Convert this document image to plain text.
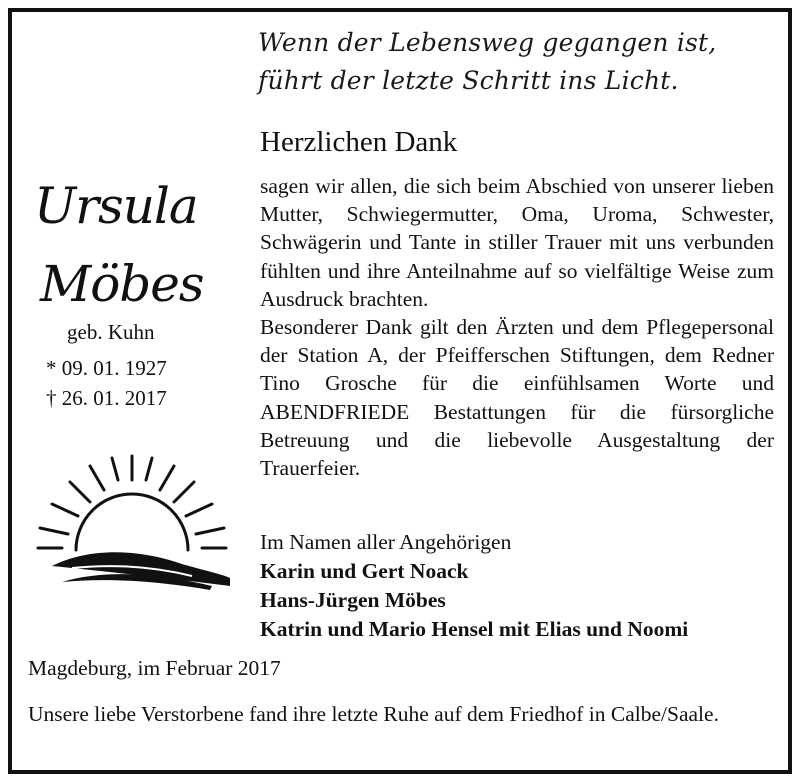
Wenn der Lebensweg gegangen ist,
führt der letzte Schritt ins Licht.
Herzlichen Dank
Ursula
Möbes
geb. Kuhn
* 09. 01. 1927
† 26. 01. 2017

sagen wir allen, die sich beim Abschied von unserer lieben Mutter, Schwiegermutter, Oma, Uroma, Schwester, Schwägerin und Tante in stiller Trauer mit uns verbunden fühlten und ihre Anteilnahme auf so vielfältige Weise zum Ausdruck brachten.

Besonderer Dank gilt den Ärzten und dem Pflegepersonal der Station A, der Pfeifferschen Stiftungen, dem Redner Tino Grosche für die einfühlsamen Worte und ABENDFRIEDE Bestattungen für die fürsorgliche Betreuung und die liebevolle Ausgestaltung der Trauerfeier.

Im Namen aller Angehörigen
Karin und Gert Noack
Hans-Jürgen Möbes
Katrin und Mario Hensel mit Elias und Noomi
Magdeburg, im Februar 2017
Unsere liebe Verstorbene fand ihre letzte Ruhe auf dem Friedhof in Calbe/Saale.
